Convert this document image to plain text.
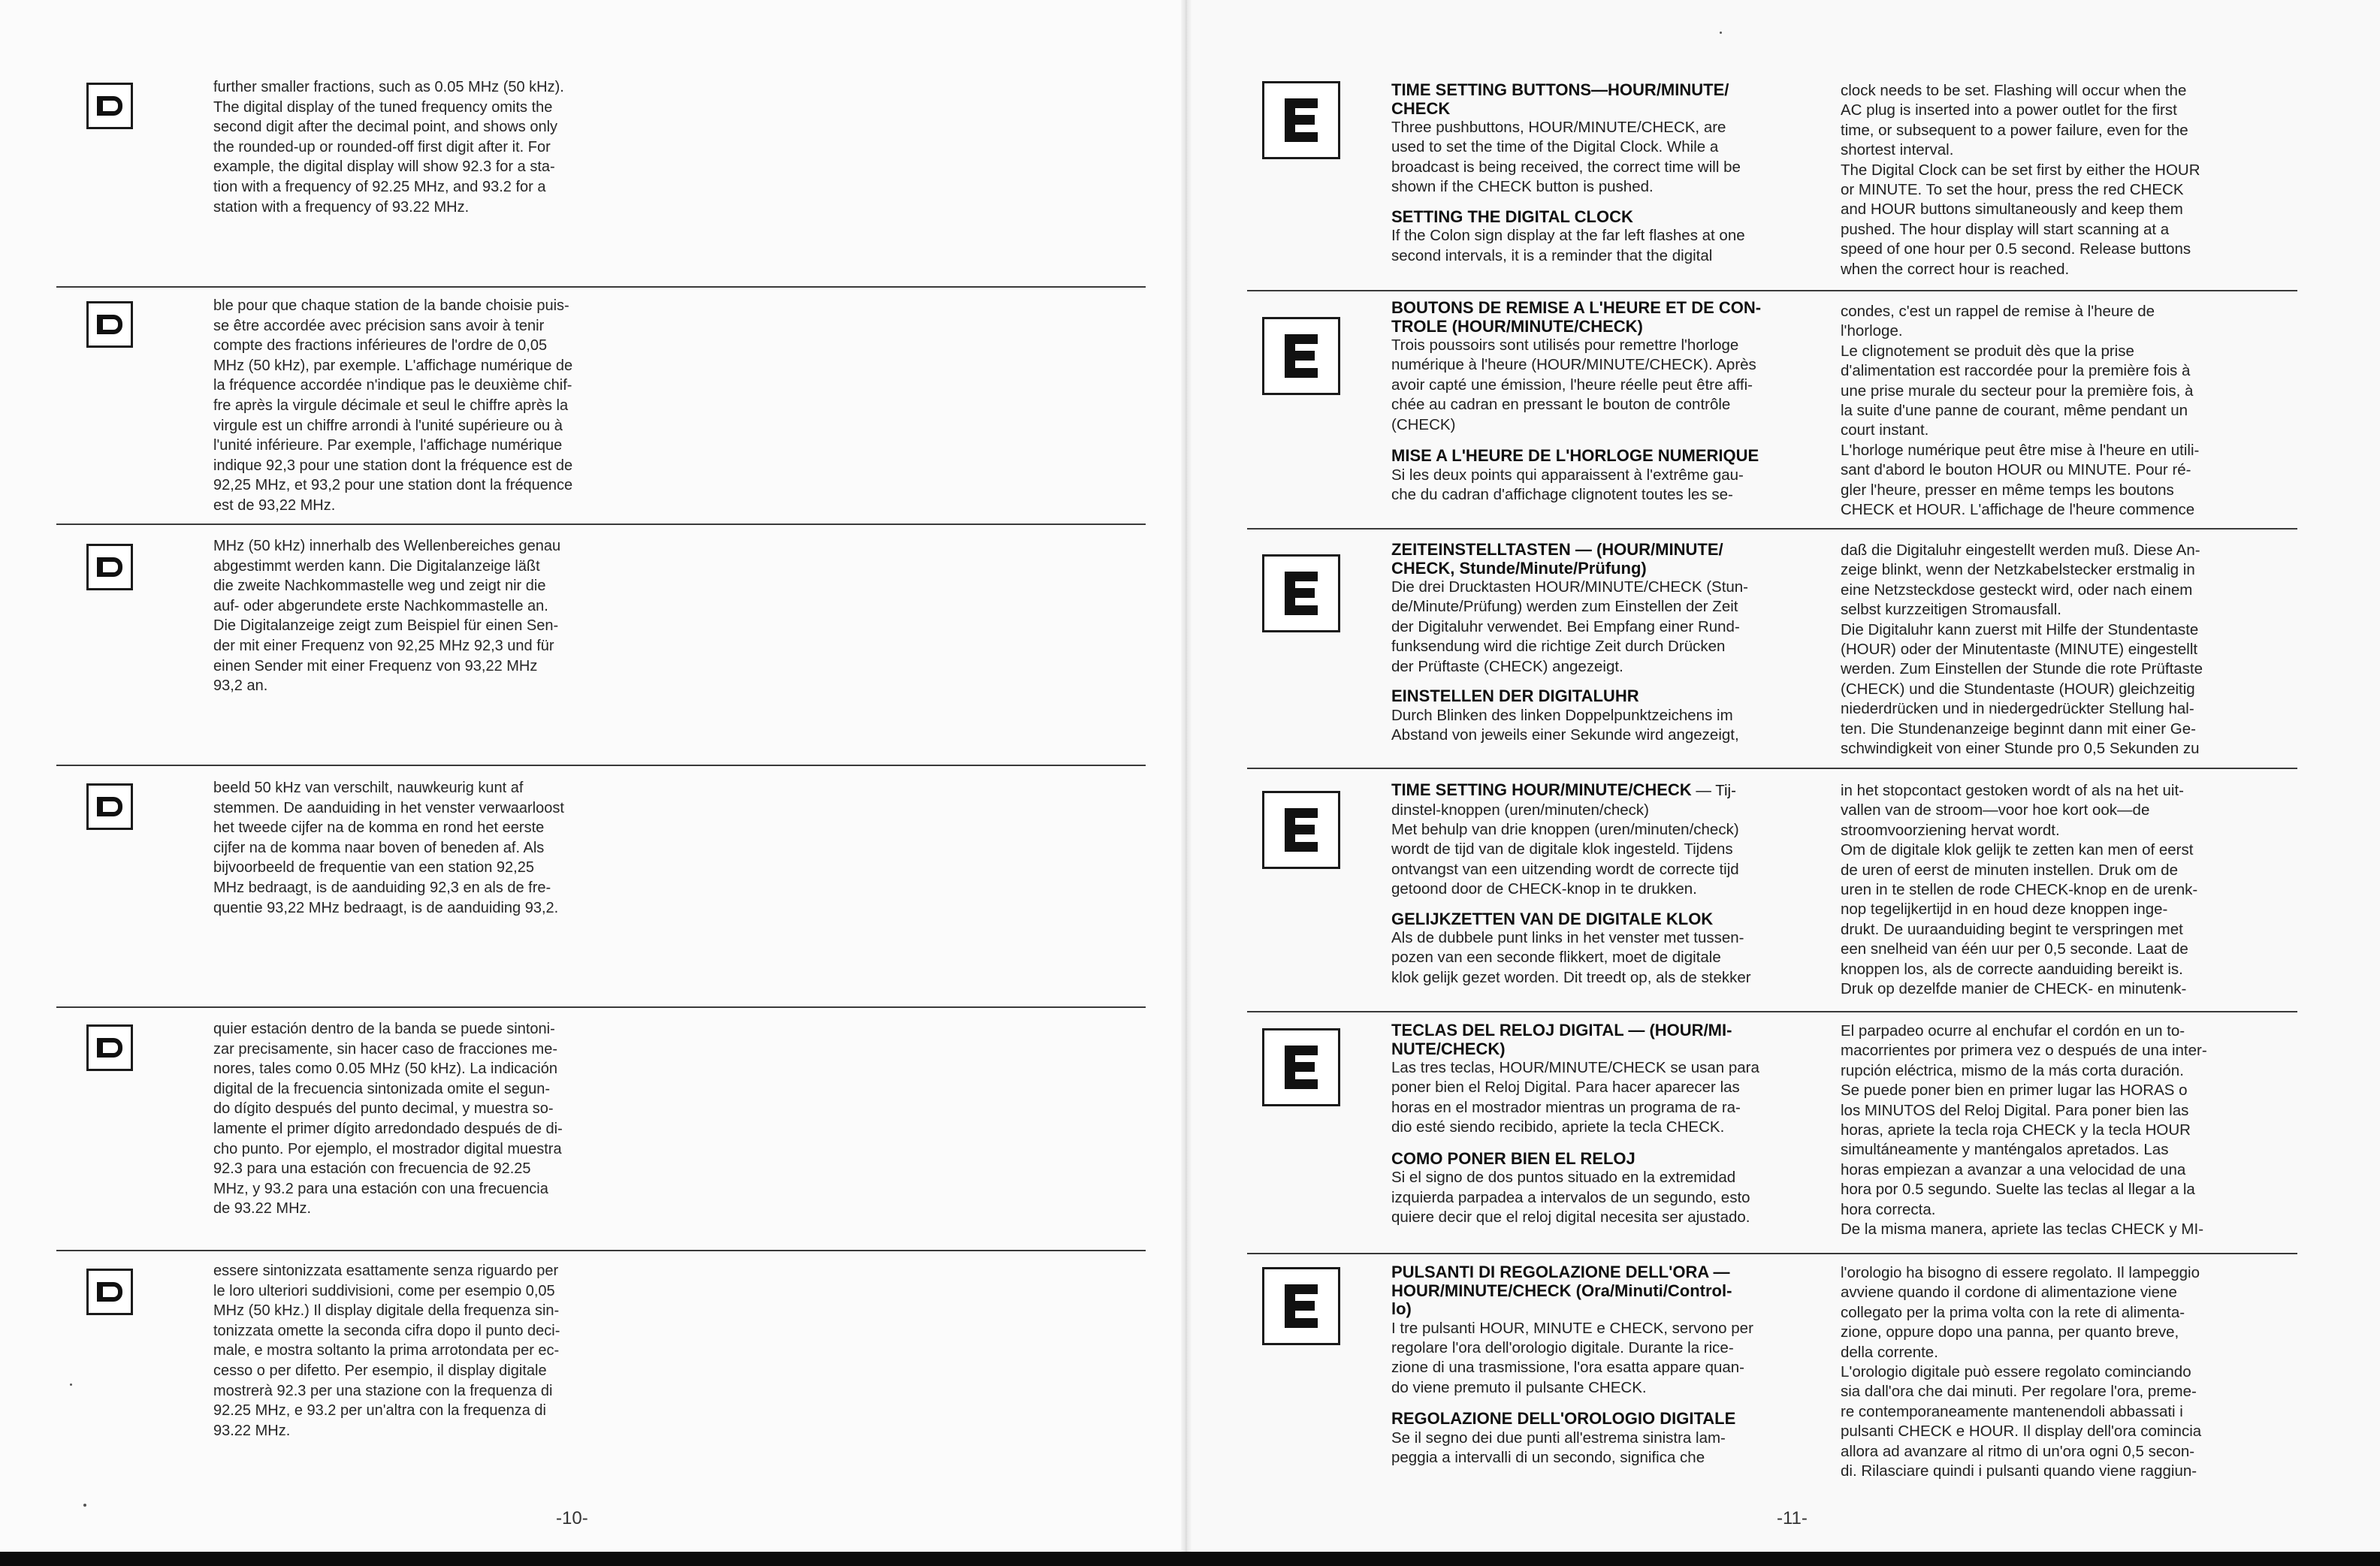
further smaller fractions, such as 0.05 MHz (50 kHz).
The digital display of the tuned frequency omits the
second digit after the decimal point, and shows only
the rounded-up or rounded-off first digit after it. For
example, the digital display will show 92.3 for a sta-
tion with a frequency of 92.25 MHz, and 93.2 for a
station with a frequency of 93.22 MHz.
ble pour que chaque station de la bande choisie puis-
se être accordée avec précision sans avoir à tenir
compte des fractions inférieures de l'ordre de 0,05
MHz (50 kHz), par exemple. L'affichage numérique de
la fréquence accordée n'indique pas le deuxième chif-
fre après la virgule décimale et seul le chiffre après la
virgule est un chiffre arrondi à l'unité supérieure ou à
l'unité inférieure. Par exemple, l'affichage numérique
indique 92,3 pour une station dont la fréquence est de
92,25 MHz, et 93,2 pour une station dont la fréquence
est de 93,22 MHz.
MHz (50 kHz) innerhalb des Wellenbereiches genau
abgestimmt werden kann. Die Digitalanzeige läßt
die zweite Nachkommastelle weg und zeigt nir die
auf- oder abgerundete erste Nachkommastelle an.
Die Digitalanzeige zeigt zum Beispiel für einen Sen-
der mit einer Frequenz von 92,25 MHz 92,3 und für
einen Sender mit einer Frequenz von 93,22 MHz
93,2 an.
beeld 50 kHz van verschilt, nauwkeurig kunt af
stemmen. De aanduiding in het venster verwaarloost
het tweede cijfer na de komma en rond het eerste
cijfer na de komma naar boven of beneden af. Als
bijvoorbeeld de frequentie van een station 92,25
MHz bedraagt, is de aanduiding 92,3 en als de fre-
quentie 93,22 MHz bedraagt, is de aanduiding 93,2.
quier estación dentro de la banda se puede sintoni-
zar precisamente, sin hacer caso de fracciones me-
nores, tales como 0.05 MHz (50 kHz). La indicación
digital de la frecuencia sintonizada omite el segun-
do dígito después del punto decimal, y muestra so-
lamente el primer dígito arredondado después de di-
cho punto. Por ejemplo, el mostrador digital muestra
92.3 para una estación con frecuencia de 92.25
MHz, y 93.2 para una estación con una frecuencia
de 93.22 MHz.
essere sintonizzata esattamente senza riguardo per
le loro ulteriori suddivisioni, come per esempio 0,05
MHz (50 kHz.) Il display digitale della frequenza sin-
tonizzata omette la seconda cifra dopo il punto deci-
male, e mostra soltanto la prima arrotondata per ec-
cesso o per difetto. Per esempio, il display digitale
mostrerà 92.3 per una stazione con la frequenza di
92.25 MHz, e 93.2 per un'altra con la frequenza di
93.22 MHz.
-10-
TIME SETTING BUTTONS—HOUR/MINUTE/
CHECK
Three pushbuttons, HOUR/MINUTE/CHECK, are
used to set the time of the Digital Clock. While a
broadcast is being received, the correct time will be
shown if the CHECK button is pushed.
SETTING THE DIGITAL CLOCK
If the Colon sign display at the far left flashes at one
second intervals, it is a reminder that the digital
clock needs to be set. Flashing will occur when the
AC plug is inserted into a power outlet for the first
time, or subsequent to a power failure, even for the
shortest interval.
The Digital Clock can be set first by either the HOUR
or MINUTE. To set the hour, press the red CHECK
and HOUR buttons simultaneously and keep them
pushed. The hour display will start scanning at a
speed of one hour per 0.5 second. Release buttons
when the correct hour is reached.
BOUTONS DE REMISE A L'HEURE ET DE CON-
TROLE (HOUR/MINUTE/CHECK)
Trois poussoirs sont utilisés pour remettre l'horloge
numérique à l'heure (HOUR/MINUTE/CHECK). Après
avoir capté une émission, l'heure réelle peut être affi-
chée au cadran en pressant le bouton de contrôle
(CHECK)
MISE A L'HEURE DE L'HORLOGE NUMERIQUE
Si les deux points qui apparaissent à l'extrême gau-
che du cadran d'affichage clignotent toutes les se-
condes, c'est un rappel de remise à l'heure de
l'horloge.
Le clignotement se produit dès que la prise
d'alimentation est raccordée pour la première fois à
une prise murale du secteur pour la première fois, à
la suite d'une panne de courant, même pendant un
court instant.
L'horloge numérique peut être mise à l'heure en utili-
sant d'abord le bouton HOUR ou MINUTE. Pour ré-
gler l'heure, presser en même temps les boutons
CHECK et HOUR. L'affichage de l'heure commence
ZEITEINSTELLTASTEN — (HOUR/MINUTE/
CHECK, Stunde/Minute/Prüfung)
Die drei Drucktasten HOUR/MINUTE/CHECK (Stun-
de/Minute/Prüfung) werden zum Einstellen der Zeit
der Digitaluhr verwendet. Bei Empfang einer Rund-
funksendung wird die richtige Zeit durch Drücken
der Prüftaste (CHECK) angezeigt.
EINSTELLEN DER DIGITALUHR
Durch Blinken des linken Doppelpunktzeichens im
Abstand von jeweils einer Sekunde wird angezeigt,
daß die Digitaluhr eingestellt werden muß. Diese An-
zeige blinkt, wenn der Netzkabelstecker erstmalig in
eine Netzsteckdose gesteckt wird, oder nach einem
selbst kurzzeitigen Stromausfall.
Die Digitaluhr kann zuerst mit Hilfe der Stundentaste
(HOUR) oder der Minutentaste (MINUTE) eingestellt
werden. Zum Einstellen der Stunde die rote Prüftaste
(CHECK) und die Stundentaste (HOUR) gleichzeitig
niederdrücken und in niedergedrückter Stellung hal-
ten. Die Stundenanzeige beginnt dann mit einer Ge-
schwindigkeit von einer Stunde pro 0,5 Sekunden zu
TIME SETTING HOUR/MINUTE/CHECK — Tij-
dinstel-knoppen (uren/minuten/check)
Met behulp van drie knoppen (uren/minuten/check)
wordt de tijd van de digitale klok ingesteld. Tijdens
ontvangst van een uitzending wordt de correcte tijd
getoond door de CHECK-knop in te drukken.
GELIJKZETTEN VAN DE DIGITALE KLOK
Als de dubbele punt links in het venster met tussen-
pozen van een seconde flikkert, moet de digitale
klok gelijk gezet worden. Dit treedt op, als de stekker
in het stopcontact gestoken wordt of als na het uit-
vallen van de stroom—voor hoe kort ook—de
stroomvoorziening hervat wordt.
Om de digitale klok gelijk te zetten kan men of eerst
de uren of eerst de minuten instellen. Druk om de
uren in te stellen de rode CHECK-knop en de urenk-
nop tegelijkertijd in en houd deze knoppen inge-
drukt. De uuraanduiding begint te verspringen met
een snelheid van één uur per 0,5 seconde. Laat de
knoppen los, als de correcte aanduiding bereikt is.
Druk op dezelfde manier de CHECK- en minutenk-
TECLAS DEL RELOJ DIGITAL — (HOUR/MI-
NUTE/CHECK)
Las tres teclas, HOUR/MINUTE/CHECK se usan para
poner bien el Reloj Digital. Para hacer aparecer las
horas en el mostrador mientras un programa de ra-
dio esté siendo recibido, apriete la tecla CHECK.
COMO PONER BIEN EL RELOJ
Si el signo de dos puntos situado en la extremidad
izquierda parpadea a intervalos de un segundo, esto
quiere decir que el reloj digital necesita ser ajustado.
El parpadeo ocurre al enchufar el cordón en un to-
macorrientes por primera vez o después de una inter-
rupción eléctrica, mismo de la más corta duración.
Se puede poner bien en primer lugar las HORAS o
los MINUTOS del Reloj Digital. Para poner bien las
horas, apriete la tecla roja CHECK y la tecla HOUR
simultáneamente y manténgalos apretados. Las
horas empiezan a avanzar a una velocidad de una
hora por 0.5 segundo. Suelte las teclas al llegar a la
hora correcta.
De la misma manera, apriete las teclas CHECK y MI-
PULSANTI DI REGOLAZIONE DELL'ORA —
HOUR/MINUTE/CHECK (Ora/Minuti/Control-
lo)
I tre pulsanti HOUR, MINUTE e CHECK, servono per
regolare l'ora dell'orologio digitale. Durante la rice-
zione di una trasmissione, l'ora esatta appare quan-
do viene premuto il pulsante CHECK.
REGOLAZIONE DELL'OROLOGIO DIGITALE
Se il segno dei due punti all'estrema sinistra lam-
peggia a intervalli di un secondo, significa che
l'orologio ha bisogno di essere regolato. Il lampeggio
avviene quando il cordone di alimentazione viene
collegato per la prima volta con la rete di alimenta-
zione, oppure dopo una panna, per quanto breve,
della corrente.
L'orologio digitale può essere regolato cominciando
sia dall'ora che dai minuti. Per regolare l'ora, preme-
re contemporaneamente mantenendoli abbassati i
pulsanti CHECK e HOUR. Il display dell'ora comincia
allora ad avanzare al ritmo di un'ora ogni 0,5 secon-
di. Rilasciare quindi i pulsanti quando viene raggiun-
-11-
